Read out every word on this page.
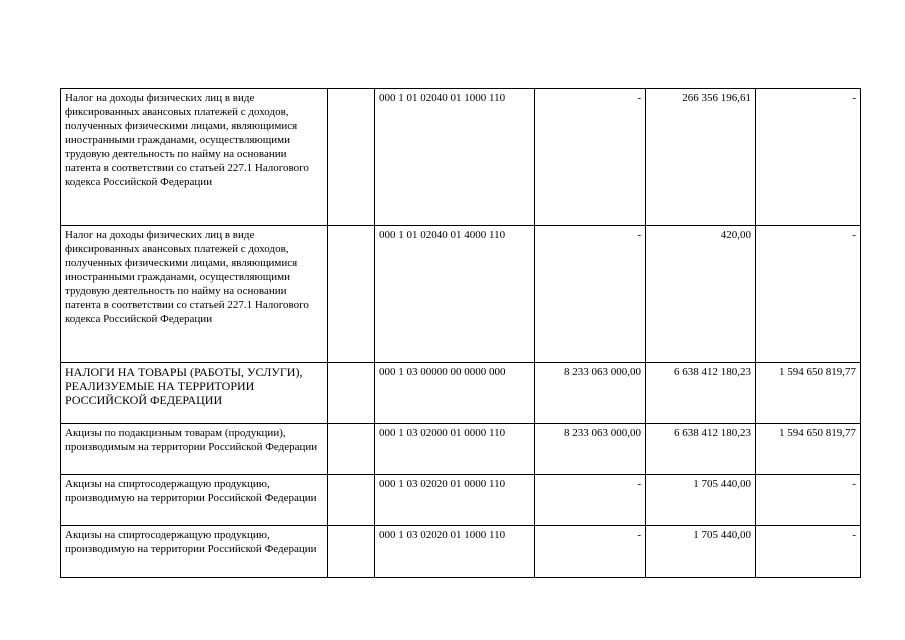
Налог на доходы физических лиц в виде фиксированных авансовых платежей с доходов, полученных физическими лицами, являющимися иностранными гражданами, осуществляющими трудовую деятельность по найму на основании патента в соответствии со статьей 227.1 Налогового кодекса Российской Федерации		000 1 01 02040 01 1000 110	-	266 356 196,61	-
Налог на доходы физических лиц в виде фиксированных авансовых платежей с доходов, полученных физическими лицами, являющимися иностранными гражданами, осуществляющими трудовую деятельность по найму на основании патента в соответствии со статьей 227.1 Налогового кодекса Российской Федерации		000 1 01 02040 01 4000 110	-	420,00	-
НАЛОГИ НА ТОВАРЫ (РАБОТЫ, УСЛУГИ), РЕАЛИЗУЕМЫЕ НА ТЕРРИТОРИИ РОССИЙСКОЙ ФЕДЕРАЦИИ		000 1 03 00000 00 0000 000	8 233 063 000,00	6 638 412 180,23	1 594 650 819,77
Акцизы по подакцизным товарам (продукции), производимым на территории Российской Федерации		000 1 03 02000 01 0000 110	8 233 063 000,00	6 638 412 180,23	1 594 650 819,77
Акцизы на спиртосодержащую продукцию, производимую на территории Российской Федерации		000 1 03 02020 01 0000 110	-	1 705 440,00	-
Акцизы на спиртосодержащую продукцию, производимую на территории Российской Федерации		000 1 03 02020 01 1000 110	-	1 705 440,00	-
